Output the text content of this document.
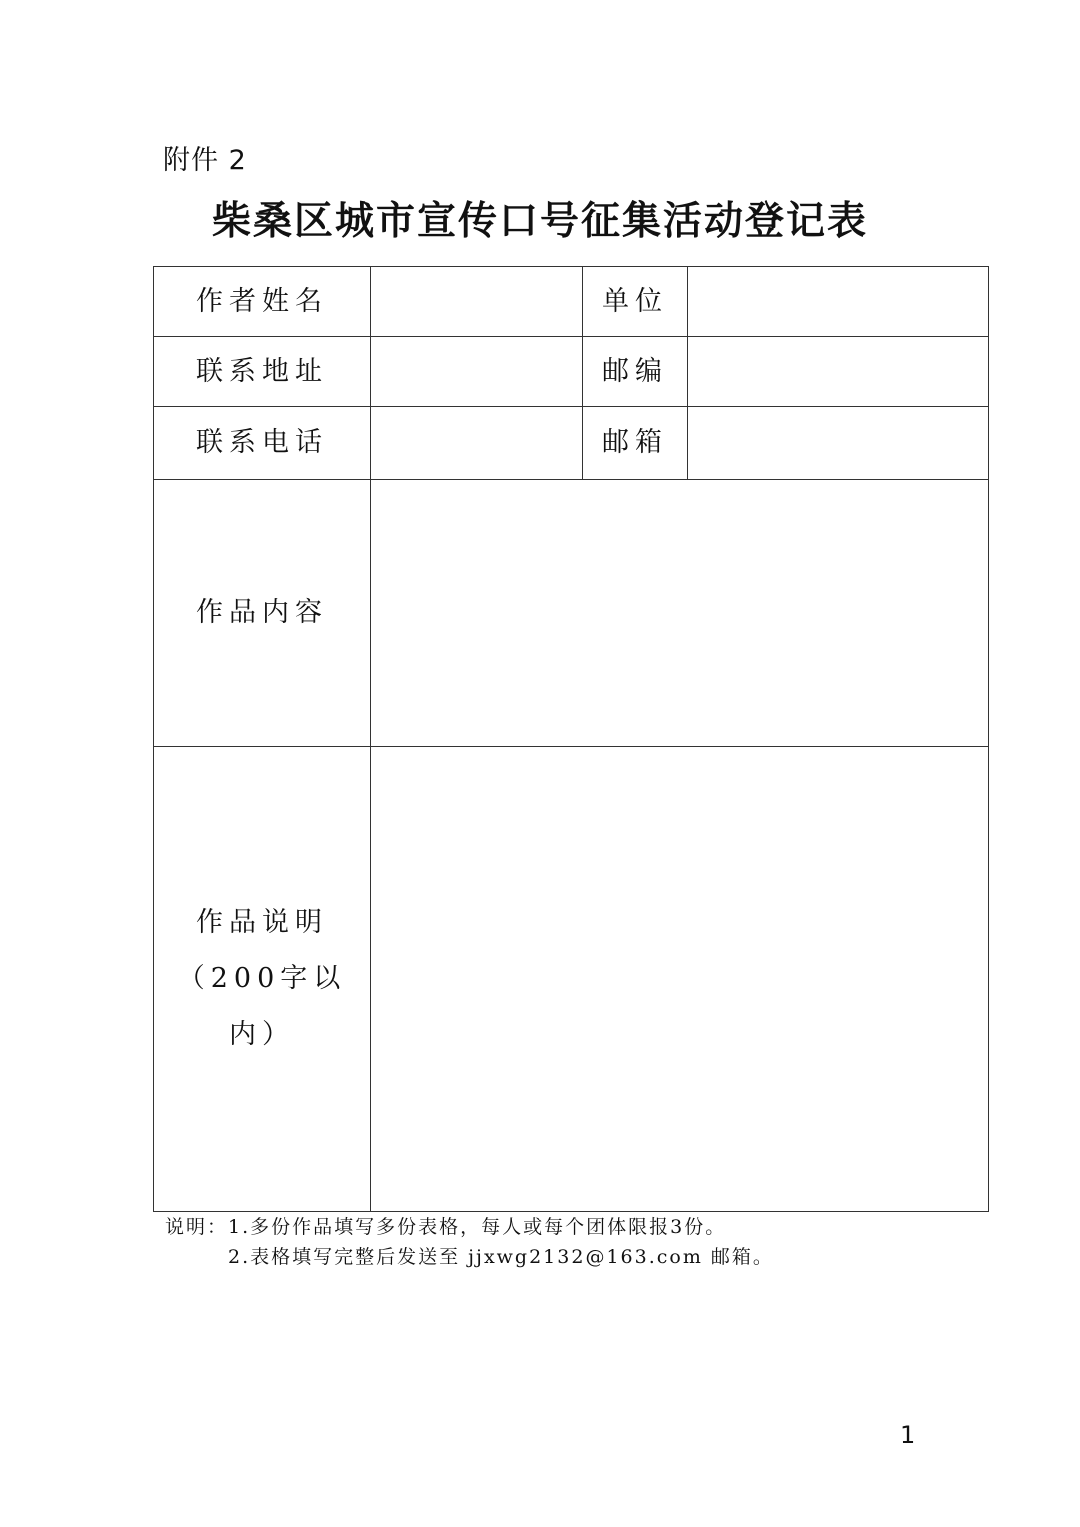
附件 2
柴桑区城市宣传口号征集活动登记表
作者姓名		单位	
联系地址		邮编	
联系电话		邮箱	
作品内容			

作品说明
（200字以内）			

说明：1.多份作品填写多份表格，每人或每个团体限报3份。
2.表格填写完整后发送至 jjxwg2132@163.com 邮箱。
1
